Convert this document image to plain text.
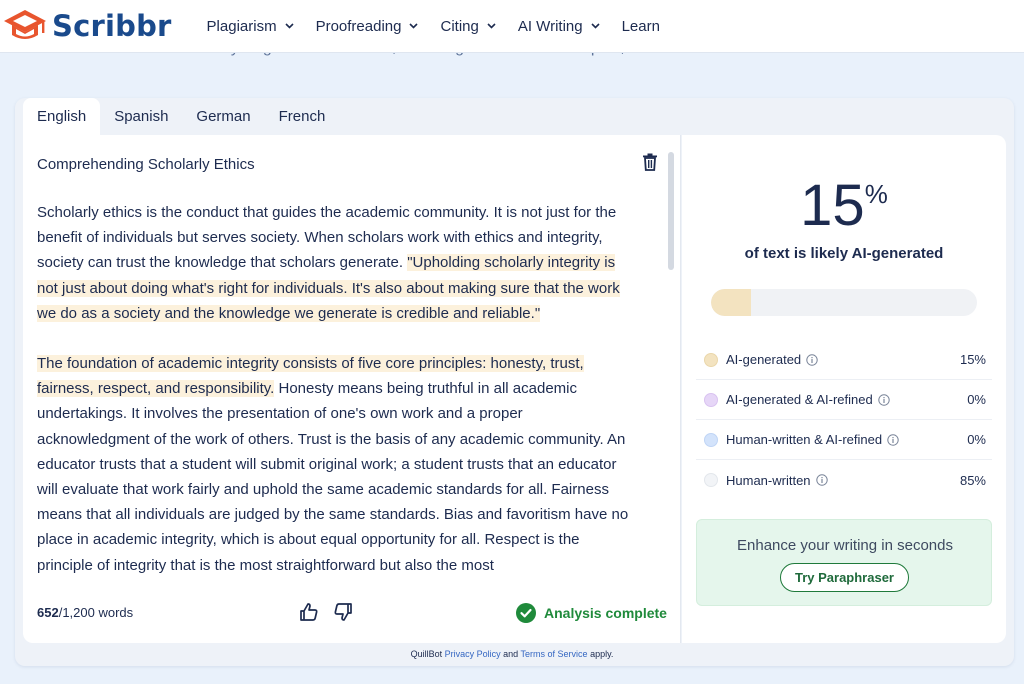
Scribbr Plagiarism	Proofreading	Citing	AI Writing	Learn
English	Spanish	German	French
Comprehending Scholarly Ethics

Scholarly ethics is the conduct that guides the academic community. It is not just for the benefit of individuals but serves society. When scholars work with ethics and integrity, society can trust the knowledge that scholars generate. "Upholding scholarly integrity is not just about doing what's right for individuals. It's also about making sure that the work we do as a society and the knowledge we generate is credible and reliable."

The foundation of academic integrity consists of five core principles: honesty, trust, fairness, respect, and responsibility. Honesty means being truthful in all academic undertakings. It involves the presentation of one's own work and a proper acknowledgment of the work of others. Trust is the basis of any academic community. An educator trusts that a student will submit original work; a student trusts that an educator will evaluate that work fairly and uphold the same academic standards for all. Fairness means that all individuals are judged by the same standards. Bias and favoritism have no place in academic integrity, which is about equal opportunity for all. Respect is the principle of integrity that is the most straightforward but also the most

652/1,200 words	Analysis complete
15%
of text is likely AI-generated
AI-generated	15%
AI-generated & AI-refined	0%
Human-written & AI-refined	0%
Human-written	85%
Enhance your writing in seconds
Try Paraphraser
QuillBot Privacy Policy and Terms of Service apply.
